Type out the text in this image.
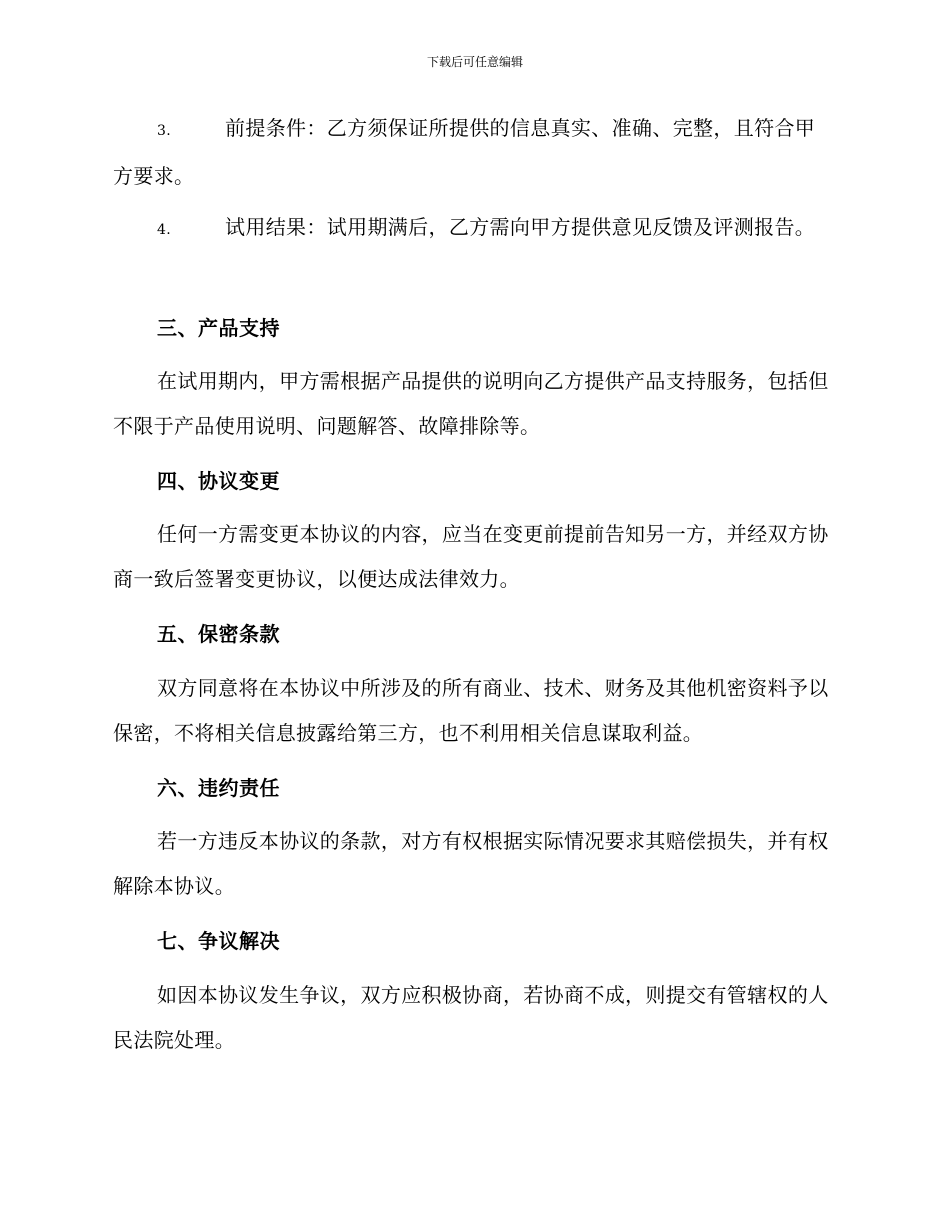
下载后可任意编辑

3.	前提条件：乙方须保证所提供的信息真实、准确、完整，且符合甲方要求。

4.	试用结果：试用期满后，乙方需向甲方提供意见反馈及评测报告。

三、产品支持

在试用期内，甲方需根据产品提供的说明向乙方提供产品支持服务，包括但不限于产品使用说明、问题解答、故障排除等。

四、协议变更

任何一方需变更本协议的内容，应当在变更前提前告知另一方，并经双方协商一致后签署变更协议，以便达成法律效力。

五、保密条款

双方同意将在本协议中所涉及的所有商业、技术、财务及其他机密资料予以保密，不将相关信息披露给第三方，也不利用相关信息谋取利益。

六、违约责任

若一方违反本协议的条款，对方有权根据实际情况要求其赔偿损失，并有权解除本协议。

七、争议解决

如因本协议发生争议，双方应积极协商，若协商不成，则提交有管辖权的人民法院处理。
